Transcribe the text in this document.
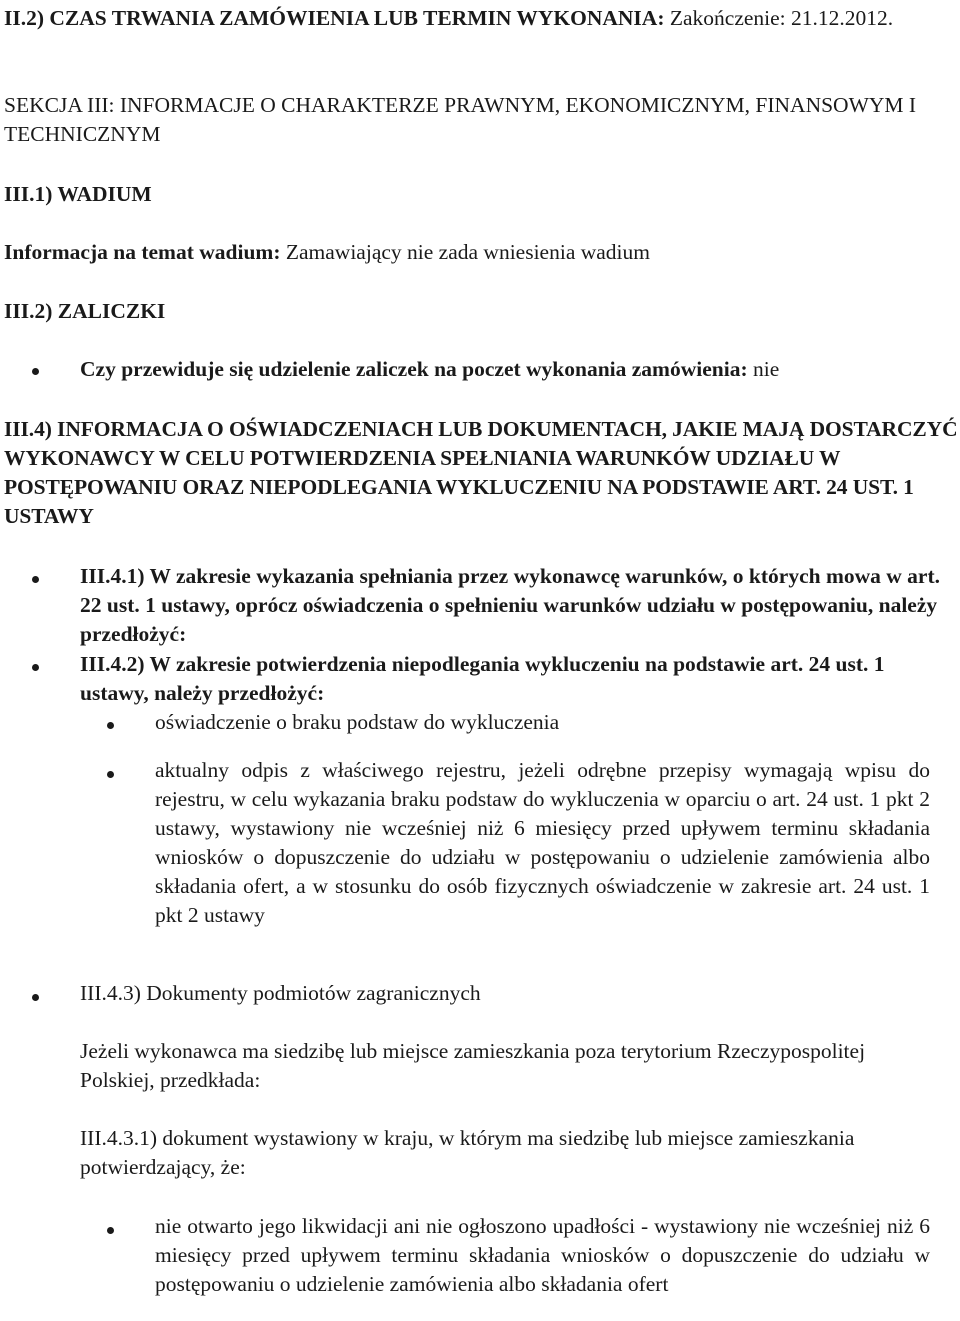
II.2) CZAS TRWANIA ZAMÓWIENIA LUB TERMIN WYKONANIA: Zakończenie: 21.12.2012.

SEKCJA III: INFORMACJE O CHARAKTERZE PRAWNYM, EKONOMICZNYM, FINANSOWYM I TECHNICZNYM

III.1) WADIUM

Informacja na temat wadium: Zamawiający nie zada wniesienia wadium

III.2) ZALICZKI

Czy przewiduje się udzielenie zaliczek na poczet wykonania zamówienia: nie

III.4) INFORMACJA O OŚWIADCZENIACH LUB DOKUMENTACH, JAKIE MAJĄ DOSTARCZYĆ WYKONAWCY W CELU POTWIERDZENIA SPEŁNIANIA WARUNKÓW UDZIAŁU W POSTĘPOWANIU ORAZ NIEPODLEGANIA WYKLUCZENIU NA PODSTAWIE ART. 24 UST. 1 USTAWY

III.4.1) W zakresie wykazania spełniania przez wykonawcę warunków, o których mowa w art. 22 ust. 1 ustawy, oprócz oświadczenia o spełnieniu warunków udziału w postępowaniu, należy przedłożyć:

III.4.2) W zakresie potwierdzenia niepodlegania wykluczeniu na podstawie art. 24 ust. 1 ustawy, należy przedłożyć:

oświadczenie o braku podstaw do wykluczenia

aktualny odpis z właściwego rejestru, jeżeli odrębne przepisy wymagają wpisu do rejestru, w celu wykazania braku podstaw do wykluczenia w oparciu o art. 24 ust. 1 pkt 2 ustawy, wystawiony nie wcześniej niż 6 miesięcy przed upływem terminu składania wniosków o dopuszczenie do udziału w postępowaniu o udzielenie zamówienia albo składania ofert, a w stosunku do osób fizycznych oświadczenie w zakresie art. 24 ust. 1 pkt 2 ustawy

III.4.3) Dokumenty podmiotów zagranicznych

Jeżeli wykonawca ma siedzibę lub miejsce zamieszkania poza terytorium Rzeczypospolitej Polskiej, przedkłada:

III.4.3.1) dokument wystawiony w kraju, w którym ma siedzibę lub miejsce zamieszkania potwierdzający, że:

nie otwarto jego likwidacji ani nie ogłoszono upadłości - wystawiony nie wcześniej niż 6 miesięcy przed upływem terminu składania wniosków o dopuszczenie do udziału w postępowaniu o udzielenie zamówienia albo składania ofert
